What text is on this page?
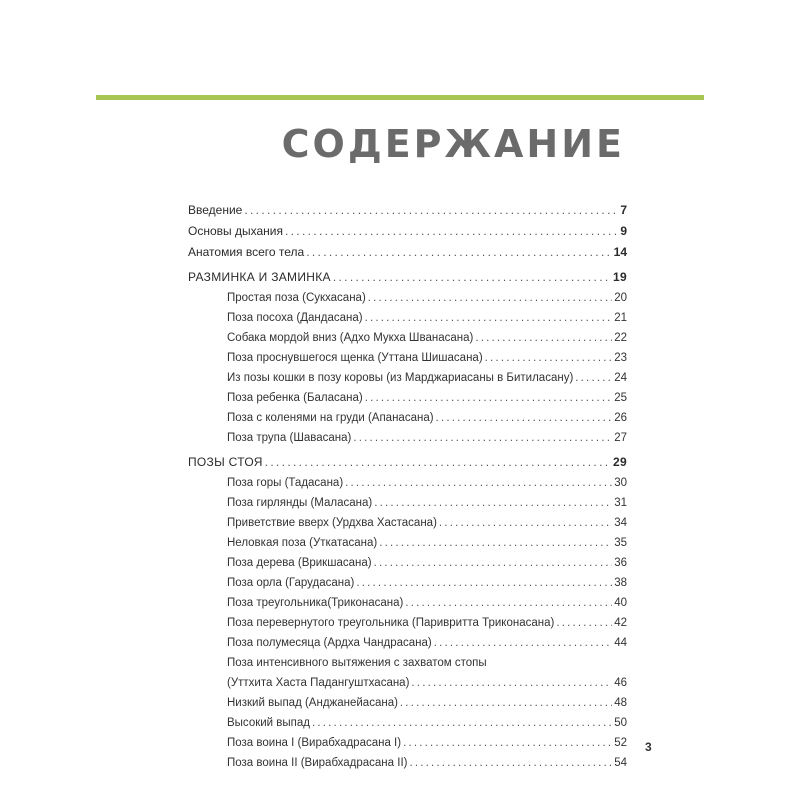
СОДЕРЖАНИЕ
Введение . . .	7
Основы дыхания . . .	9
Анатомия всего тела . . .	14
РАЗМИНКА И ЗАМИНКА . . .	19
Простая поза (Сукхасана) . . .	20
Поза посоха (Дандасана) . . .	21
Собака мордой вниз (Адхо Мукха Шванасана) . . .	22
Поза проснувшегося щенка (Уттана Шишасана) . . .	23
Из позы кошки в позу коровы (из Марджариасаны в Битиласану) . . .	24
Поза ребенка (Баласана) . . .	25
Поза с коленями на груди (Апанасана) . . .	26
Поза трупа (Шавасана) . . .	27
ПОЗЫ СТОЯ . . .	29
Поза горы (Тадасана) . . .	30
Поза гирлянды (Маласана) . . .	31
Приветствие вверх (Урдхва Хастасана) . . .	34
Неловкая поза (Уткатасана) . . .	35
Поза дерева (Врикшасана) . . .	36
Поза орла (Гарудасана) . . .	38
Поза треугольника(Триконасана) . . .	40
Поза перевернутого треугольника (Паривритта Триконасана) . . .	42
Поза полумесяца (Ардха Чандрасана) . . .	44
Поза интенсивного вытяжения с захватом стопы
(Уттхита Хаста Падангуштхасана) . . .	46
Низкий выпад (Анджанейасана) . . .	48
Высокий выпад . . .	50
Поза воина I (Вирабхадрасана I) . . .	52
Поза воина II (Вирабхадрасана II) . . .	54
3
